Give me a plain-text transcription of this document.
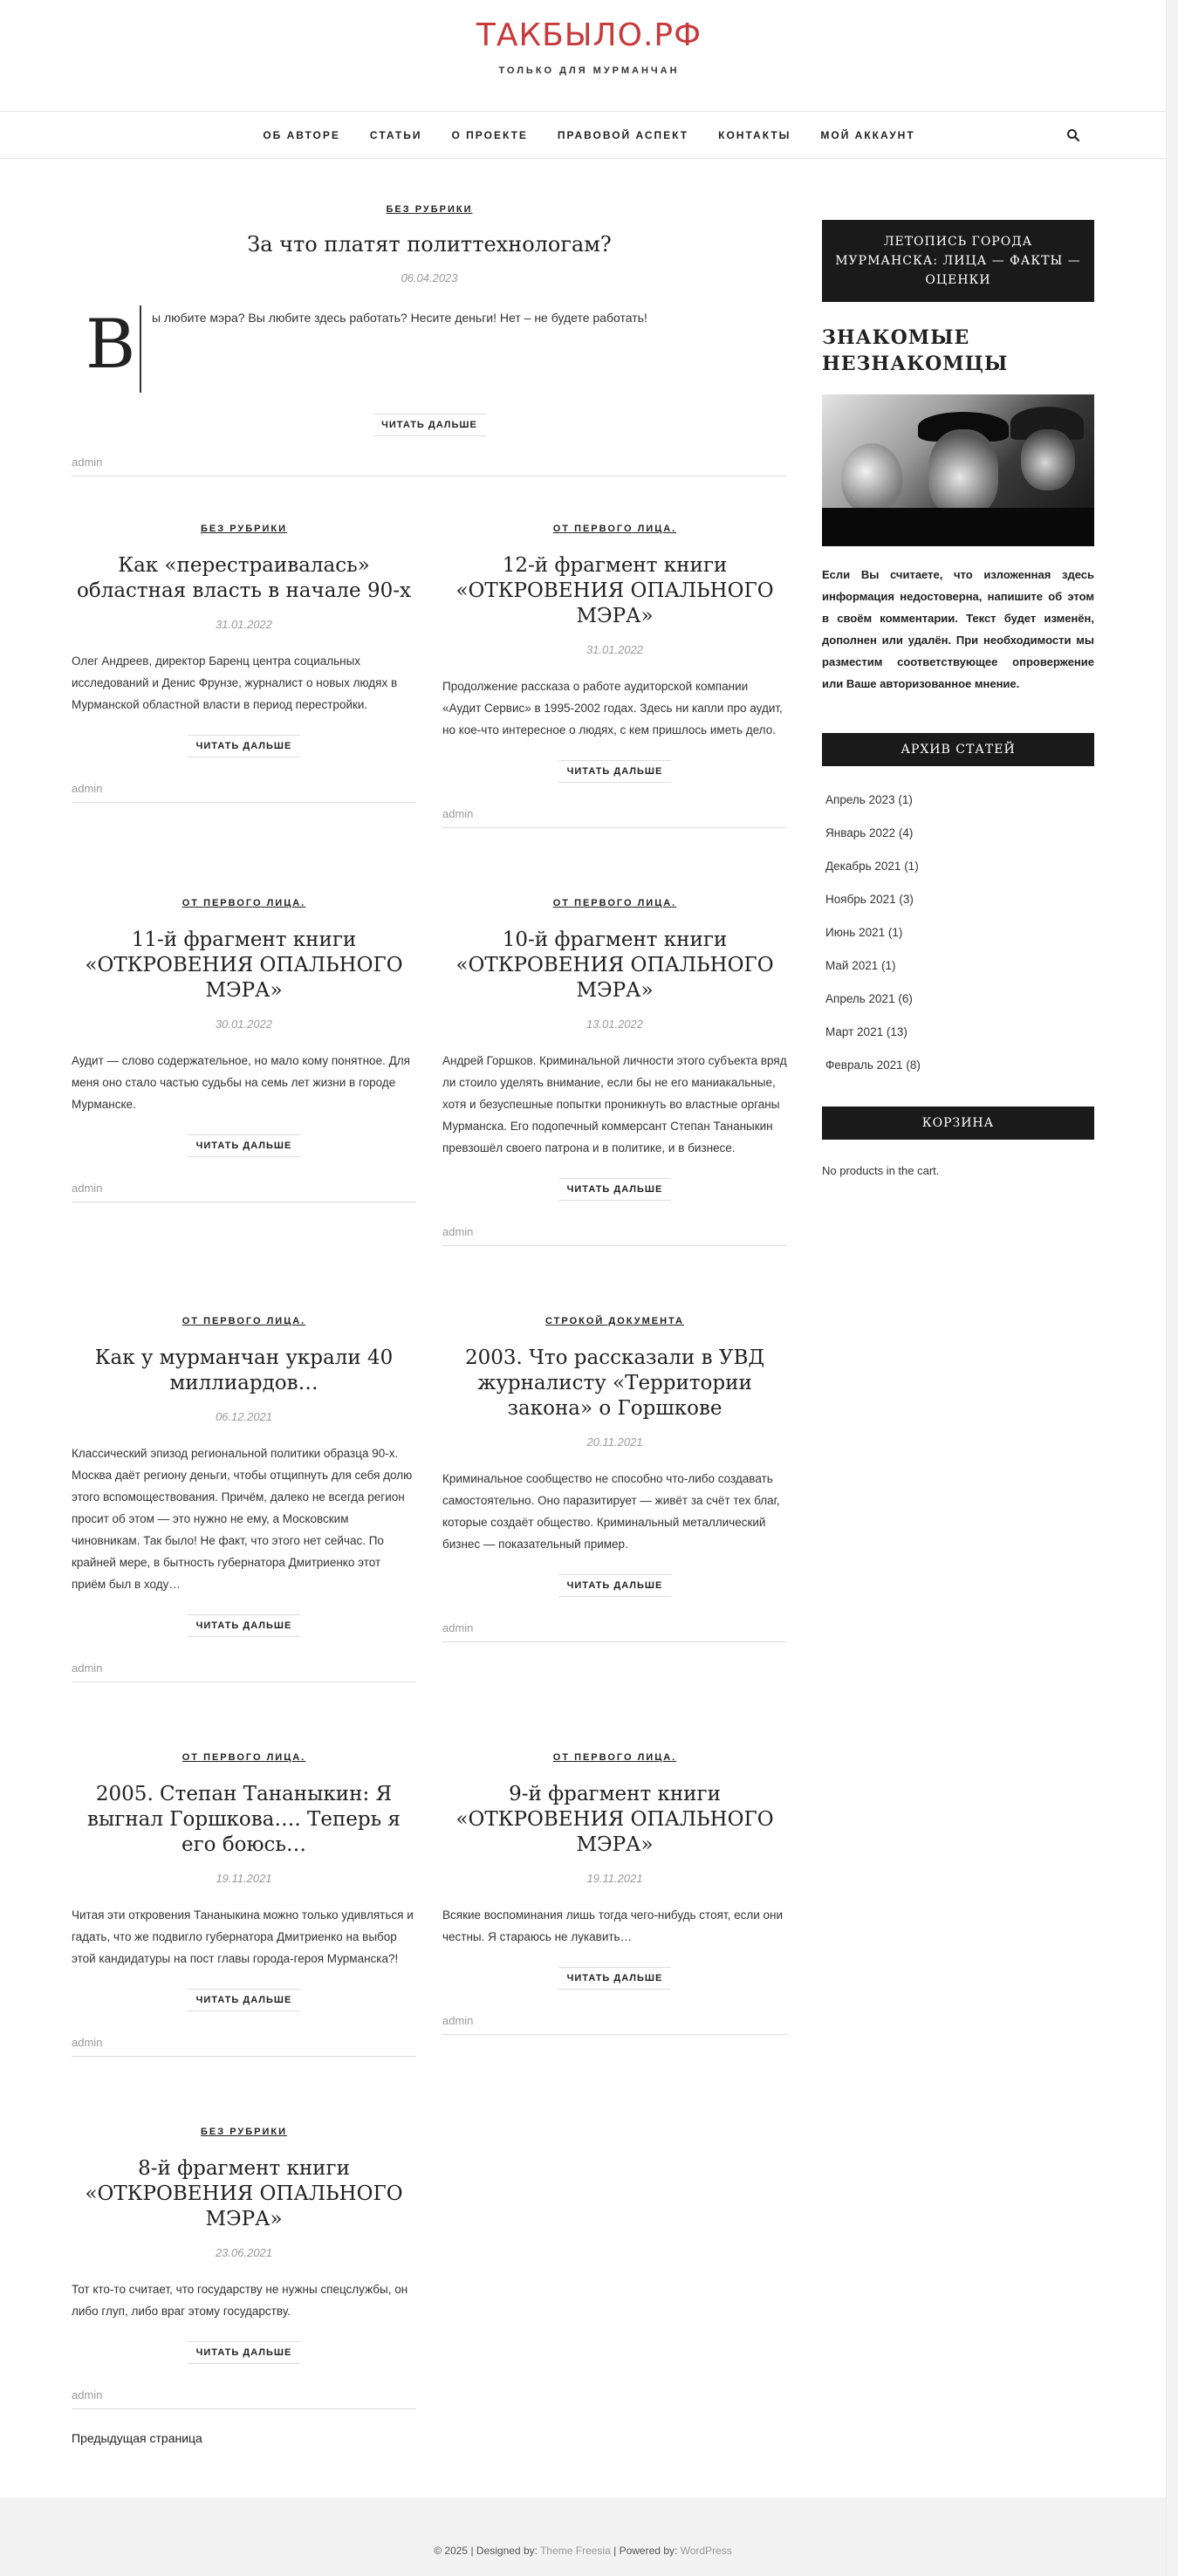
ТАКБЫЛО.РФ
ТОЛЬКО ДЛЯ МУРМАНЧАН
ОБ АВТОРЕ	СТАТЬИ	О ПРОЕКТЕ	ПРАВОВОЙ АСПЕКТ	КОНТАКТЫ	МОЙ АККАУНТ
БЕЗ РУБРИКИ
За что платят политтехнологам?
06.04.2023
В	ы любите мэра? Вы любите здесь работать? Несите деньги! Нет – не будете работать!
ЧИТАТЬ ДАЛЬШЕ
admin
БЕЗ РУБРИКИ
Как «перестраивалась» областная власть в начале 90-х
31.01.2022

Олег Андреев, директор Баренц центра социальных исследований и Денис Фрунзе, журналист о новых людях в Мурманской областной власти в период перестройки.

ЧИТАТЬ ДАЛЬШЕ
admin
ОТ ПЕРВОГО ЛИЦА.
12-й фрагмент книги «ОТКРОВЕНИЯ ОПАЛЬНОГО МЭРА»
31.01.2022

Продолжение рассказа о работе аудиторской компании «Аудит Сервис» в 1995-2002 годах. Здесь ни капли про аудит, но кое-что интересное о людях, с кем пришлось иметь дело.

ЧИТАТЬ ДАЛЬШЕ
admin
ОТ ПЕРВОГО ЛИЦА.
11-й фрагмент книги «ОТКРОВЕНИЯ ОПАЛЬНОГО МЭРА»
30.01.2022

Аудит — слово содержательное, но мало кому понятное. Для меня оно стало частью судьбы на семь лет жизни в городе Мурманске.

ЧИТАТЬ ДАЛЬШЕ
admin
ОТ ПЕРВОГО ЛИЦА.
10-й фрагмент книги «ОТКРОВЕНИЯ ОПАЛЬНОГО МЭРА»
13.01.2022

Андрей Горшков. Криминальной личности этого субъекта вряд ли стоило уделять внимание, если бы не его маниакальные, хотя и безуспешные попытки проникнуть во властные органы Мурманска. Его подопечный коммерсант Степан Тананыкин превзошёл своего патрона и в политике, и в бизнесе.

ЧИТАТЬ ДАЛЬШЕ
admin
ОТ ПЕРВОГО ЛИЦА.
Как у мурманчан украли 40 миллиардов…
06.12.2021

Классический эпизод региональной политики образца 90-х. Москва даёт региону деньги, чтобы отщипнуть для себя долю этого вспомоществования. Причём, далеко не всегда регион просит об этом — это нужно не ему, а Московским чиновникам. Так было! Не факт, что этого нет сейчас. По крайней мере, в бытность губернатора Дмитриенко этот приём был в ходу…

ЧИТАТЬ ДАЛЬШЕ
admin
СТРОКОЙ ДОКУМЕНТА
2003. Что рассказали в УВД журналисту «Территории закона» о Горшкове
20.11.2021

Криминальное сообщество не способно что-либо создавать самостоятельно. Оно паразитирует — живёт за счёт тех благ, которые создаёт общество. Криминальный металлический бизнес — показательный пример.

ЧИТАТЬ ДАЛЬШЕ
admin
ОТ ПЕРВОГО ЛИЦА.
2005. Степан Тананыкин: Я выгнал Горшкова…. Теперь я его боюсь…
19.11.2021

Читая эти откровения Тананыкина можно только удивляться и гадать, что же подвигло губернатора Дмитриенко на выбор этой кандидатуры на пост главы города-героя Мурманска?!

ЧИТАТЬ ДАЛЬШЕ
admin
ОТ ПЕРВОГО ЛИЦА.
9-й фрагмент книги «ОТКРОВЕНИЯ ОПАЛЬНОГО МЭРА»
19.11.2021

Всякие воспоминания лишь тогда чего-нибудь стоят, если они честны. Я стараюсь не лукавить…

ЧИТАТЬ ДАЛЬШЕ
admin
БЕЗ РУБРИКИ
8-й фрагмент книги «ОТКРОВЕНИЯ ОПАЛЬНОГО МЭРА»
23.06.2021

Тот кто-то считает, что государству не нужны спецслужбы, он либо глуп, либо враг этому государству.

ЧИТАТЬ ДАЛЬШЕ
admin
Предыдущая страница
ЛЕТОПИСЬ ГОРОДА МУРМАНСКА: ЛИЦА — ФАКТЫ — ОЦЕНКИ
ЗНАКОМЫЕ НЕЗНАКОМЦЫ

Если Вы считаете, что изложенная здесь информация недостоверна, напишите об этом в своём комментарии. Текст будет изменён, дополнен или удалён. При необходимости мы разместим соответствующее опровержение или Ваше авторизованное мнение.

АРХИВ СТАТЕЙ
Апрель 2023 (1)
Январь 2022 (4)
Декабрь 2021 (1)
Ноябрь 2021 (3)
Июнь 2021 (1)
Май 2021 (1)
Апрель 2021 (6)
Март 2021 (13)
Февраль 2021 (8)
КОРЗИНА

No products in the cart.

© 2025 | Designed by: Theme Freesia | Powered by: WordPress
